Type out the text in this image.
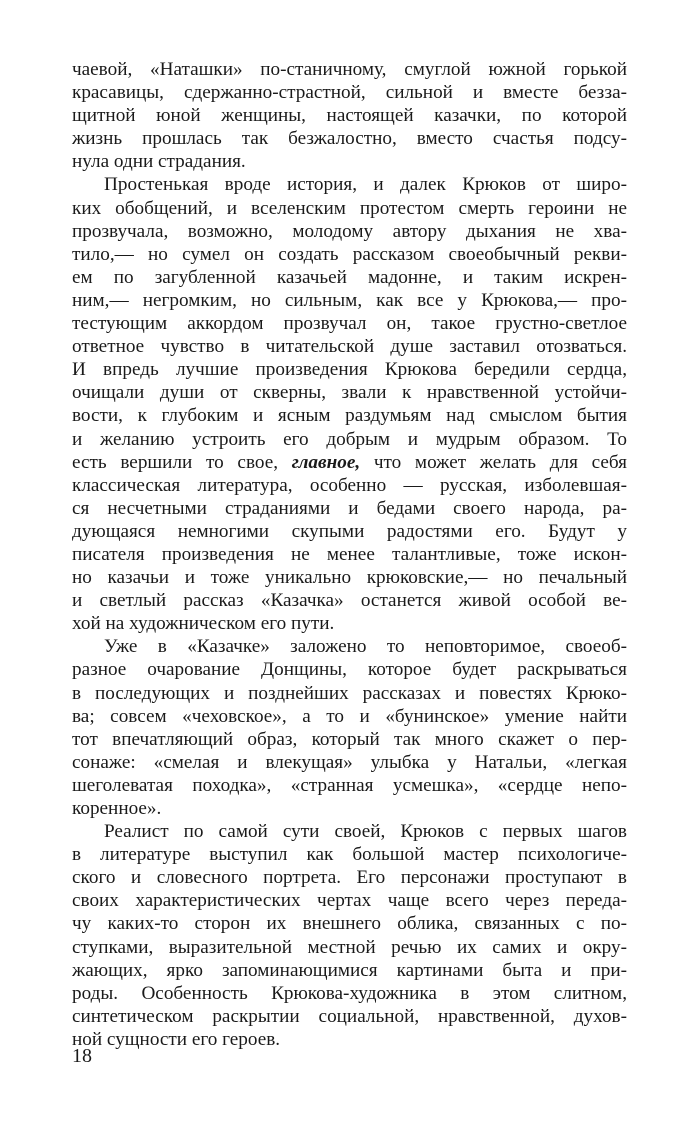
чаевой, «Наташки» по-станичному, смуглой южной горькой
красавицы, сдержанно-страстной, сильной и вместе безза-
щитной юной женщины, настоящей казачки, по которой
жизнь прошлась так безжалостно, вместо счастья подсу-
нула одни страдания.
Простенькая вроде история, и далек Крюков от широ-
ких обобщений, и вселенским протестом смерть героини не
прозвучала, возможно, молодому автору дыхания не хва-
тило,— но сумел он создать рассказом своеобычный рекви-
ем по загубленной казачьей мадонне, и таким искрен-
ним,— негромким, но сильным, как все у Крюкова,— про-
тестующим аккордом прозвучал он, такое грустно-светлое
ответное чувство в читательской душе заставил отозваться.
И впредь лучшие произведения Крюкова бередили сердца,
очищали души от скверны, звали к нравственной устойчи-
вости, к глубоким и ясным раздумьям над смыслом бытия
и желанию устроить его добрым и мудрым образом. То
есть вершили то свое, главное, что может желать для себя
классическая литература, особенно — русская, изболевшая-
ся несчетными страданиями и бедами своего народа, ра-
дующаяся немногими скупыми радостями его. Будут у
писателя произведения не менее талантливые, тоже искон-
но казачьи и тоже уникально крюковские,— но печальный
и светлый рассказ «Казачка» останется живой особой ве-
хой на художническом его пути.
Уже в «Казачке» заложено то неповторимое, своеоб-
разное очарование Донщины, которое будет раскрываться
в последующих и позднейших рассказах и повестях Крюко-
ва; совсем «чеховское», а то и «бунинское» умение найти
тот впечатляющий образ, который так много скажет о пер-
сонаже: «смелая и влекущая» улыбка у Натальи, «легкая
шеголеватая походка», «странная усмешка», «сердце непо-
коренное».
Реалист по самой сути своей, Крюков с первых шагов
в литературе выступил как большой мастер психологиче-
ского и словесного портрета. Его персонажи проступают в
своих характеристических чертах чаще всего через переда-
чу каких-то сторон их внешнего облика, связанных с по-
ступками, выразительной местной речью их самих и окру-
жающих, ярко запоминающимися картинами быта и при-
роды. Особенность Крюкова-художника в этом слитном,
синтетическом раскрытии социальной, нравственной, духов-
ной сущности его героев.
18
